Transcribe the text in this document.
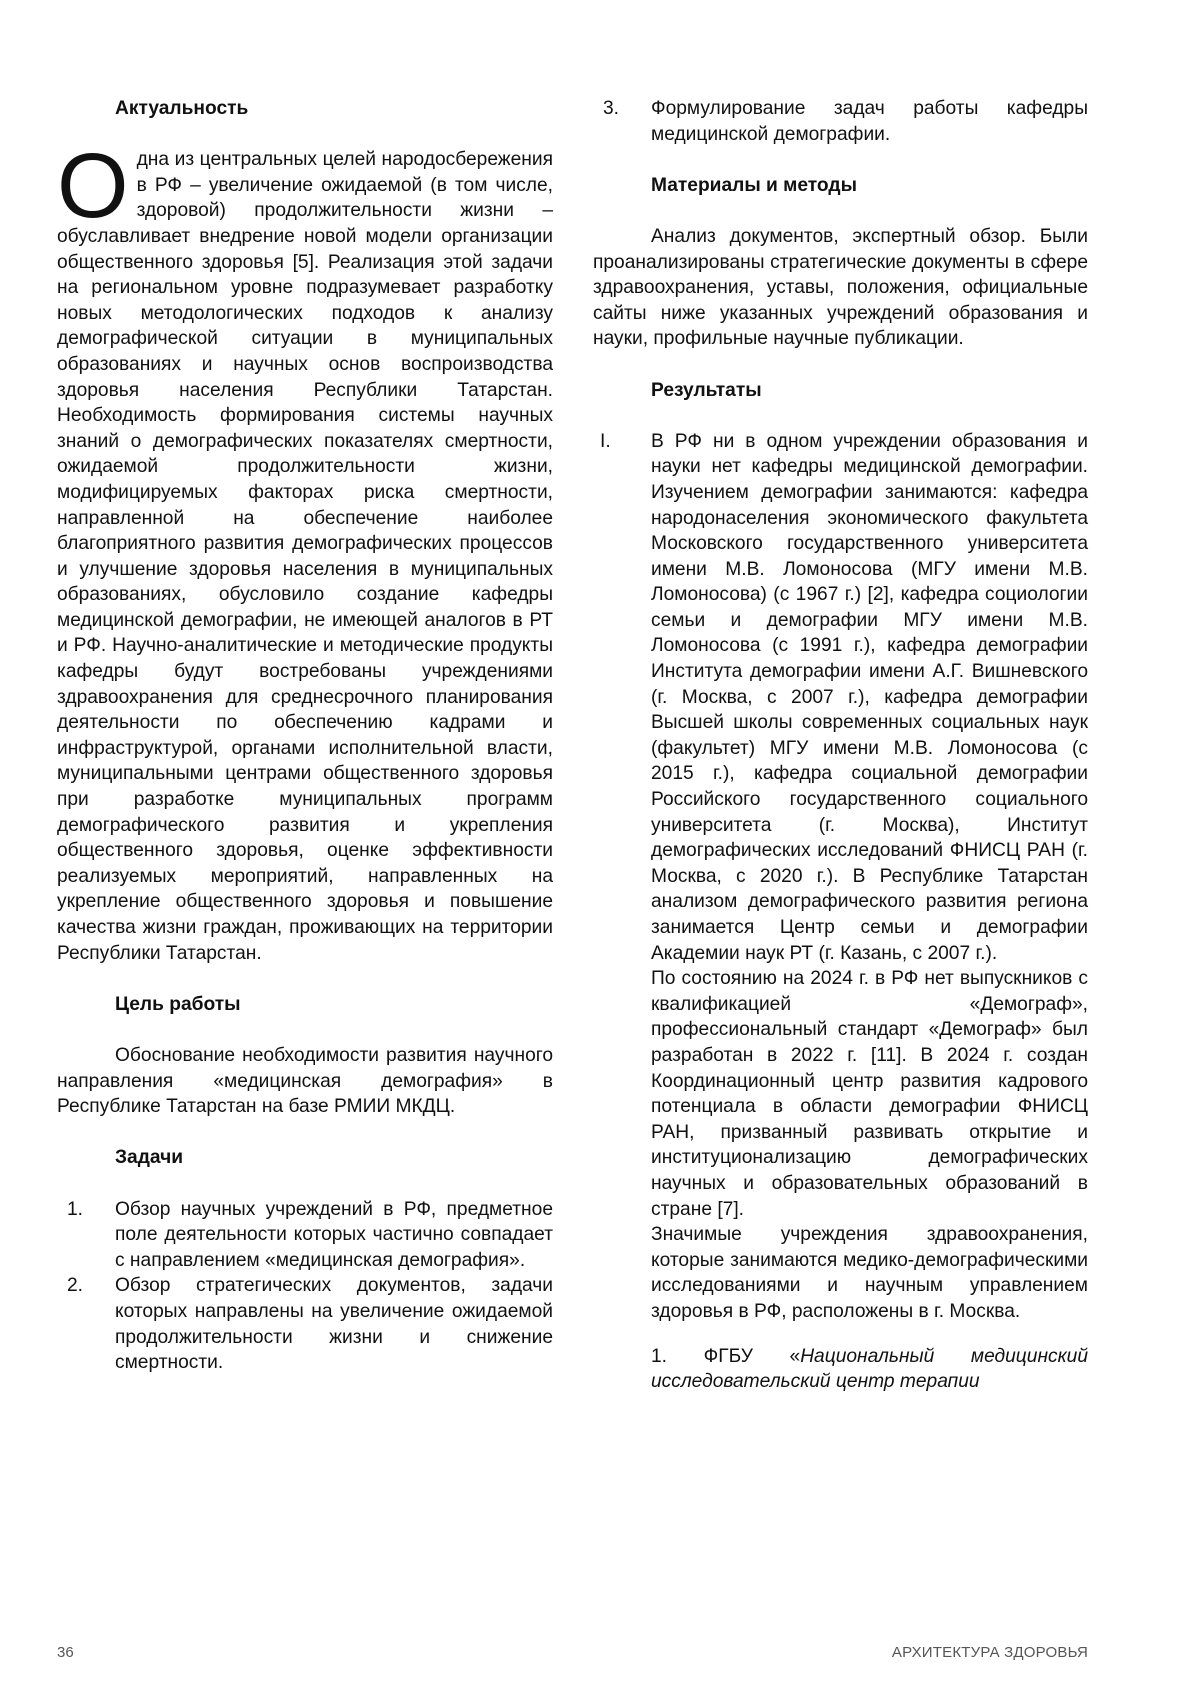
Актуальность

Одна из центральных целей народосбережения в РФ – увеличение ожидаемой (в том числе, здоровой) продолжительности жизни – обуславливает внедрение новой модели организации общественного здоровья [5]. Реализация этой задачи на региональном уровне подразумевает разработку новых методологических подходов к анализу демографической ситуации в муниципальных образованиях и научных основ воспроизводства здоровья населения Республики Татарстан. Необходимость формирования системы научных знаний о демографических показателях смертности, ожидаемой продолжительности жизни, модифицируемых факторах риска смертности, направленной на обеспечение наиболее благоприятного развития демографических процессов и улучшение здоровья населения в муниципальных образованиях, обусловило создание кафедры медицинской демографии, не имеющей аналогов в РТ и РФ. Научно-аналитические и методические продукты кафедры будут востребованы учреждениями здравоохранения для среднесрочного планирования деятельности по обеспечению кадрами и инфраструктурой, органами исполнительной власти, муниципальными центрами общественного здоровья при разработке муниципальных программ демографического развития и укрепления общественного здоровья, оценке эффективности реализуемых мероприятий, направленных на укрепление общественного здоровья и повышение качества жизни граждан, проживающих на территории Республики Татарстан.

Цель работы

Обоснование необходимости развития научного направления «медицинская демография» в Республике Татарстан на базе РМИИ МКДЦ.

Задачи
1. Обзор научных учреждений в РФ, предметное поле деятельности которых частично совпадает с направлением «медицинская демография».
2. Обзор стратегических документов, задачи которых направлены на увеличение ожидаемой продолжительности жизни и снижение смертности.
3. Формулирование задач работы кафедры медицинской демографии.
Материалы и методы

Анализ документов, экспертный обзор. Были проанализированы стратегические документы в сфере здравоохранения, уставы, положения, официальные сайты ниже указанных учреждений образования и науки, профильные научные публикации.

Результаты
I. В РФ ни в одном учреждении образования и науки нет кафедры медицинской демографии. Изучением демографии занимаются: кафедра народонаселения экономического факультета Московского государственного университета имени М.В. Ломоносова (МГУ имени М.В. Ломоносова) (с 1967 г.) [2], кафедра социологии семьи и демографии МГУ имени М.В. Ломоносова (с 1991 г.), кафедра демографии Института демографии имени А.Г. Вишневского (г. Москва, с 2007 г.), кафедра демографии Высшей школы современных социальных наук (факультет) МГУ имени М.В. Ломоносова (с 2015 г.), кафедра социальной демографии Российского государственного социального университета (г. Москва), Институт демографических исследований ФНИСЦ РАН (г. Москва, с 2020 г.). В Республике Татарстан анализом демографического развития региона занимается Центр семьи и демографии Академии наук РТ (г. Казань, с 2007 г.).

По состоянию на 2024 г. в РФ нет выпускников с квалификацией «Демограф», профессиональный стандарт «Демограф» был разработан в 2022 г. [11]. В 2024 г. создан Координационный центр развития кадрового потенциала в области демографии ФНИСЦ РАН, призванный развивать открытие и институционализацию демографических научных и образовательных образований в стране [7].

Значимые учреждения здравоохранения, которые занимаются медико-демографическими исследованиями и научным управлением здоровья в РФ, расположены в г. Москва.

1. ФГБУ «Национальный медицинский исследовательский центр терапии

36	АРХИТЕКТУРА ЗДОРОВЬЯ
